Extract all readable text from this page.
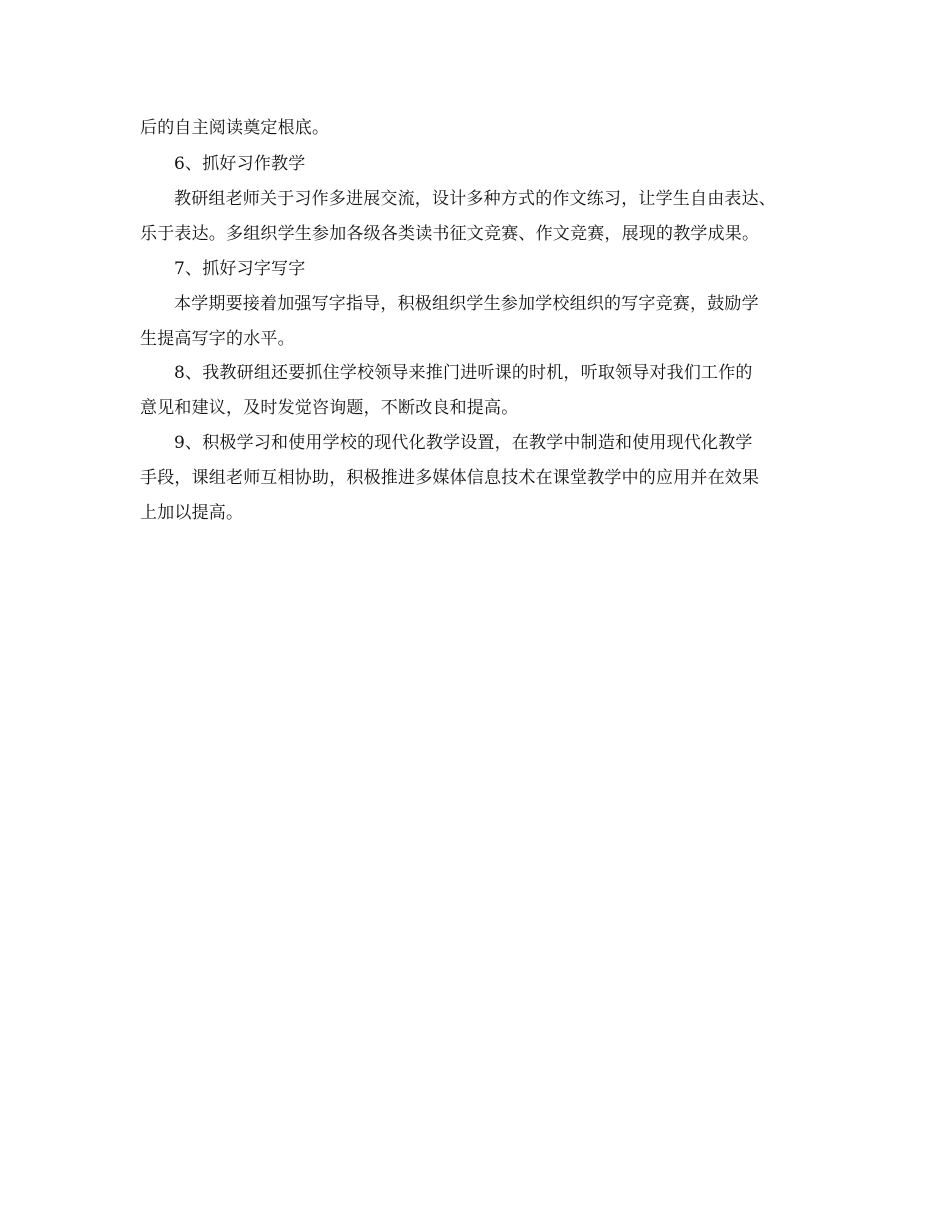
后的自主阅读奠定根底。
6、抓好习作教学
教研组老师关于习作多进展交流，设计多种方式的作文练习，让学生自由表达、
乐于表达。多组织学生参加各级各类读书征文竞赛、作文竞赛，展现的教学成果。
7、抓好习字写字
本学期要接着加强写字指导，积极组织学生参加学校组织的写字竞赛，鼓励学
生提高写字的水平。
8、我教研组还要抓住学校领导来推门进听课的时机，听取领导对我们工作的
意见和建议，及时发觉咨询题，不断改良和提高。
9、积极学习和使用学校的现代化教学设置，在教学中制造和使用现代化教学
手段，课组老师互相协助，积极推进多媒体信息技术在课堂教学中的应用并在效果
上加以提高。
